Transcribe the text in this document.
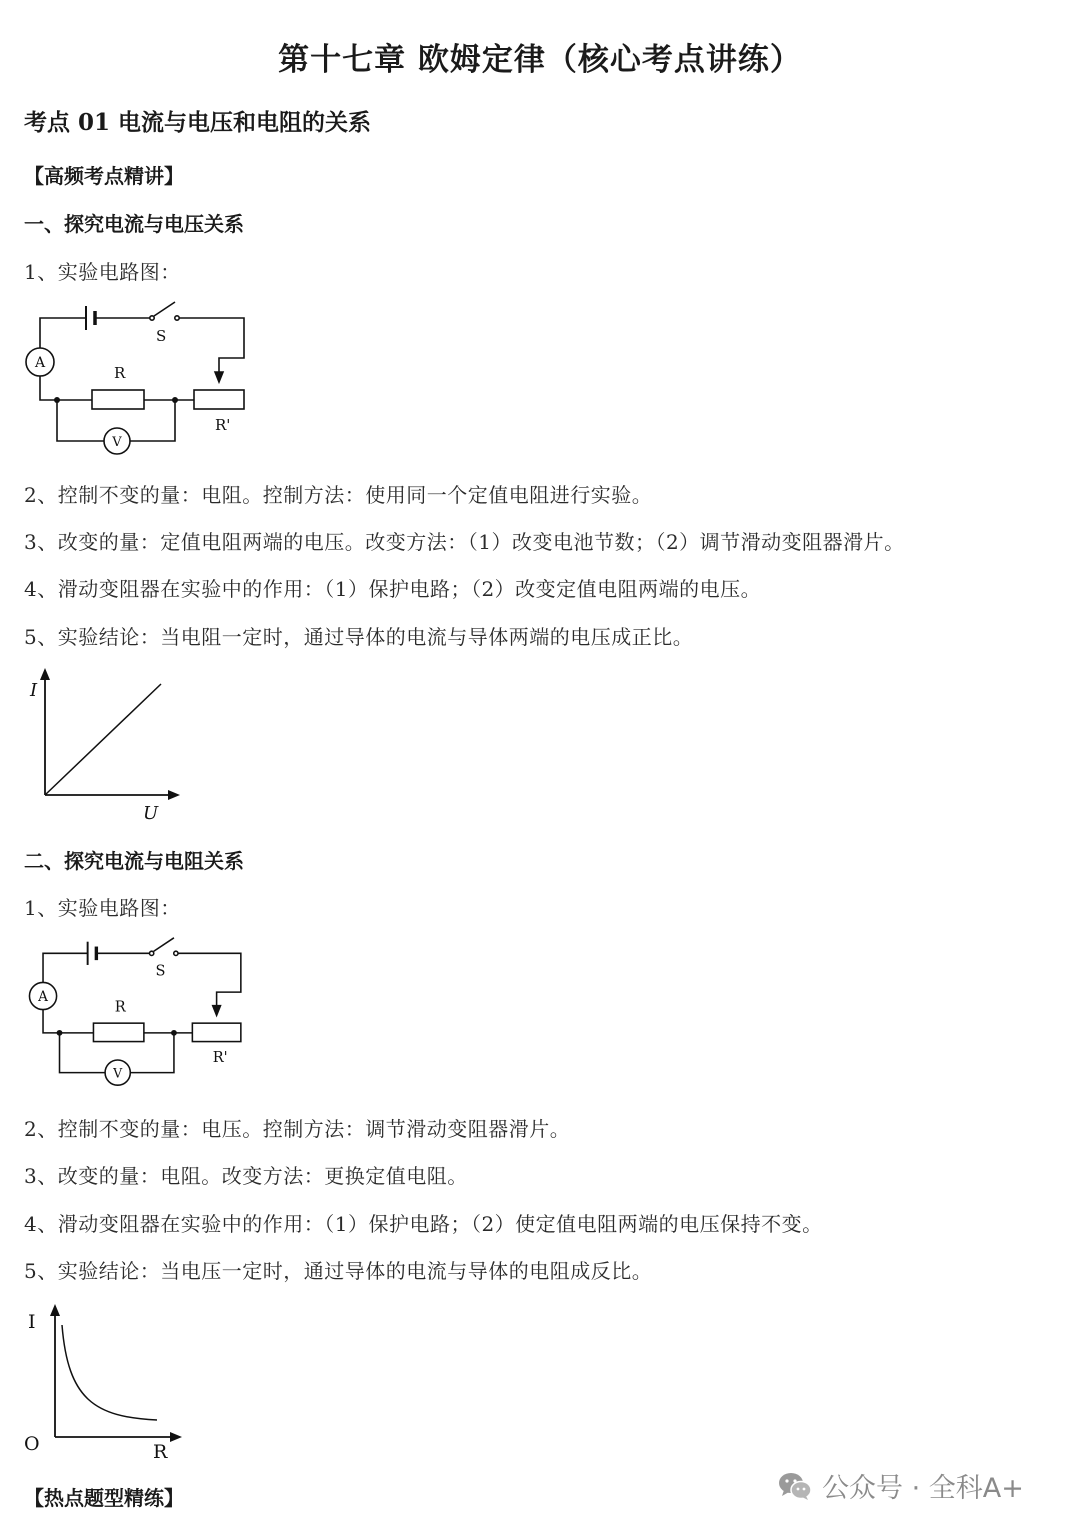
第十七章 欧姆定律（核心考点讲练）
考点 01 电流与电压和电阻的关系
【高频考点精讲】
一、探究电流与电压关系
1、实验电路图：
A
V
S
R
R'
2、控制不变的量：电阻。控制方法：使用同一个定值电阻进行实验。
3、改变的量：定值电阻两端的电压。改变方法：（1）改变电池节数；（2）调节滑动变阻器滑片。
4、滑动变阻器在实验中的作用：（1）保护电路；（2）改变定值电阻两端的电压。
5、实验结论：当电阻一定时，通过导体的电流与导体两端的电压成正比。
I
U
二、探究电流与电阻关系
1、实验电路图：
A
V
S
R
R'
2、控制不变的量：电压。控制方法：调节滑动变阻器滑片。
3、改变的量：电阻。改变方法：更换定值电阻。
4、滑动变阻器在实验中的作用：（1）保护电路；（2）使定值电阻两端的电压保持不变。
5、实验结论：当电压一定时，通过导体的电流与导体的电阻成反比。
I
O	R
【热点题型精练】	公众号 · 全科A+
